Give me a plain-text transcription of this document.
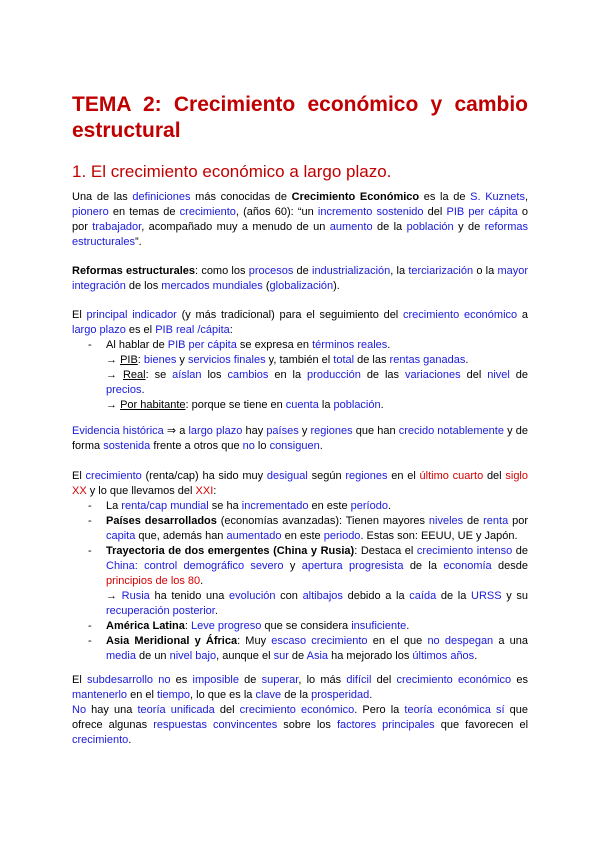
TEMA 2: Crecimiento económico y cambio estructural
1. El crecimiento económico a largo plazo.

Una de las definiciones más conocidas de Crecimiento Económico es la de S. Kuznets, pionero en temas de crecimiento, (años 60): “un incremento sostenido del PIB per cápita o por trabajador, acompañado muy a menudo de un aumento de la población y de reformas estructurales”.

Reformas estructurales: como los procesos de industrialización, la terciarización o la mayor integración de los mercados mundiales (globalización).

El principal indicador (y más tradicional) para el seguimiento del crecimiento económico a largo plazo es el PIB real /cápita:

- Al hablar de PIB per cápita se expresa en términos reales.
→ PIB: bienes y servicios finales y, también el total de las rentas ganadas.
→ Real: se aíslan los cambios en la producción de las variaciones del nivel de precios.
→ Por habitante: porque se tiene en cuenta la población.

Evidencia histórica ⇒ a largo plazo hay países y regiones que han crecido notablemente y de forma sostenida frente a otros que no lo consiguen.

El crecimiento (renta/cap) ha sido muy desigual según regiones en el último cuarto del siglo XX y lo que llevamos del XXI:

- La renta/cap mundial se ha incrementado en este período.
- Países desarrollados (economías avanzadas): Tienen mayores niveles de renta por capita que, además han aumentado en este periodo. Estas son: EEUU, UE y Japón.
- Trayectoria de dos emergentes (China y Rusia): Destaca el crecimiento intenso de China: control demográfico severo y apertura progresista de la economía desde principios de los 80.
→ Rusia ha tenido una evolución con altibajos debido a la caída de la URSS y su recuperación posterior.
- América Latina: Leve progreso que se considera insuficiente.
- Asia Meridional y África: Muy escaso crecimiento en el que no despegan a una media de un nivel bajo, aunque el sur de Asia ha mejorado los últimos años.

El subdesarrollo no es imposible de superar, lo más difícil del crecimiento económico es mantenerlo en el tiempo, lo que es la clave de la prosperidad.

No hay una teoría unificada del crecimiento económico. Pero la teoría económica sí que ofrece algunas respuestas convincentes sobre los factores principales que favorecen el crecimiento.
